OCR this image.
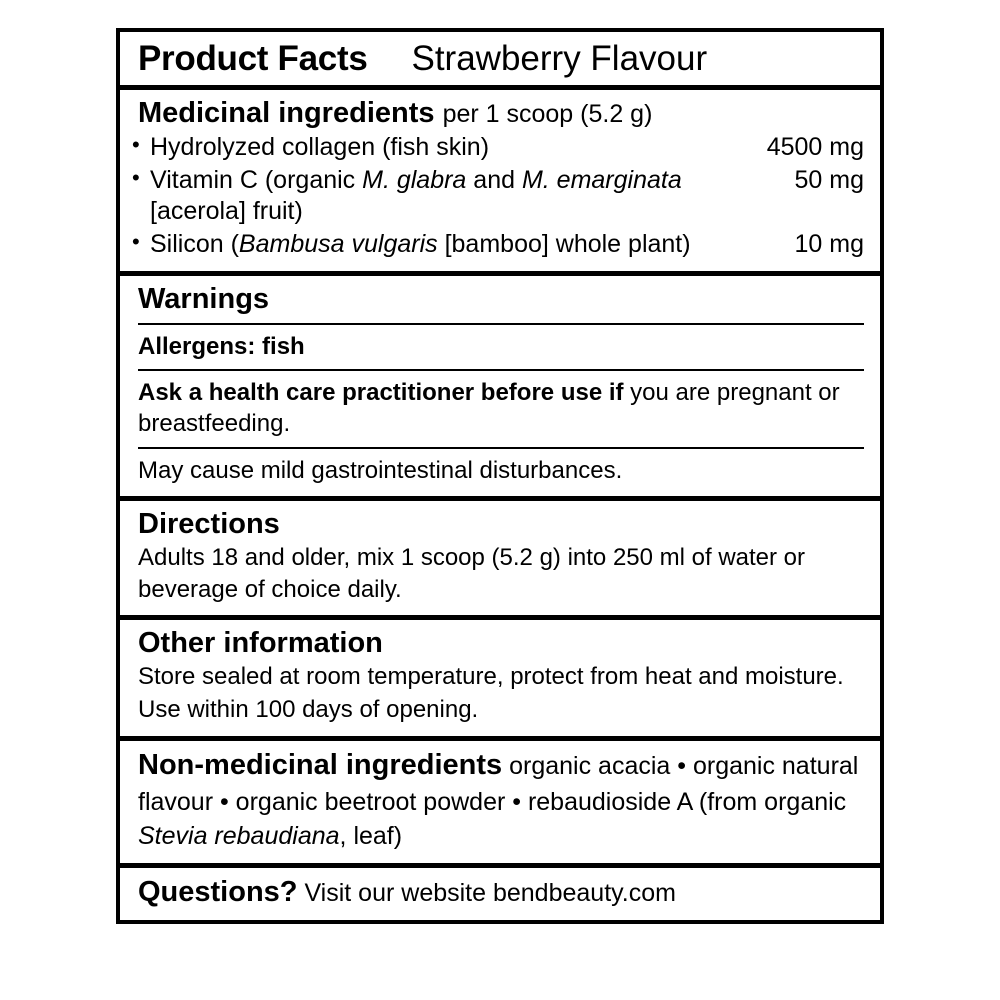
Product Facts Strawberry Flavour
Medicinal ingredients per 1 scoop (5.2 g)
• Hydrolyzed collagen (fish skin)	4500 mg
• Vitamin C (organic M. glabra and M. emarginata [acerola] fruit)
50 mg
• Silicon (Bambusa vulgaris [bamboo] whole plant)	10 mg
Warnings
Allergens: fish
Ask a health care practitioner before use if you are pregnant or breastfeeding.
May cause mild gastrointestinal disturbances.
Directions
Adults 18 and older, mix 1 scoop (5.2 g) into 250 ml of water or beverage of choice daily.
Other information
Store sealed at room temperature, protect from heat and moisture.
Use within 100 days of opening.
Non-medicinal ingredients organic acacia • organic natural flavour • organic beetroot powder • rebaudioside A (from organic Stevia rebaudiana, leaf)
Questions? Visit our website bendbeauty.com
